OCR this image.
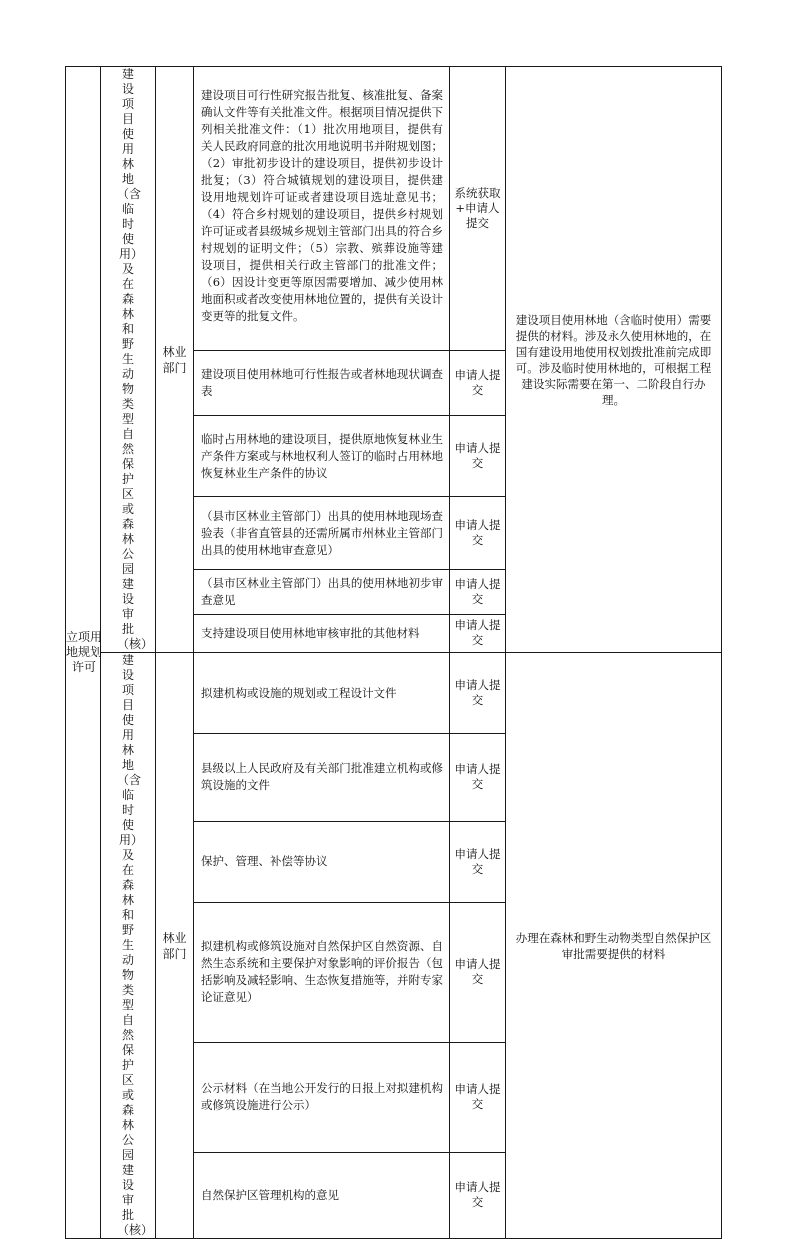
立项用地规划许可	建设项目使用林地（含临时使用）及在森林和野生动物类型自然保护区或森林公园建设审批（核）	林业部门	建设项目可行性研究报告批复、核准批复、备案确认文件等有关批准文件。根据项目情况提供下列相关批准文件：（1）批次用地项目，提供有关人民政府同意的批次用地说明书并附规划图；（2）审批初步设计的建设项目，提供初步设计批复；（3）符合城镇规划的建设项目，提供建设用地规划许可证或者建设项目选址意见书；（4）符合乡村规划的建设项目，提供乡村规划许可证或者县级城乡规划主管部门出具的符合乡村规划的证明文件；（5）宗教、殡葬设施等建设项目，提供相关行政主管部门的批准文件；（6）因设计变更等原因需要增加、减少使用林地面积或者改变使用林地位置的，提供有关设计变更等的批复文件。	系统获取+申请人提交	建设项目使用林地（含临时使用）需要提供的材料。涉及永久使用林地的，在国有建设用地使用权划拨批准前完成即可。涉及临时使用林地的，可根据工程建设实际需要在第一、二阶段自行办理。

			建设项目使用林地可行性报告或者林地现状调查表	申请人提交	

			临时占用林地的建设项目，提供原地恢复林业生产条件方案或与林地权利人签订的临时占用林地恢复林业生产条件的协议	申请人提交	

			（县市区林业主管部门）出具的使用林地现场查验表（非省直管县的还需所属市州林业主管部门出具的使用林地审查意见）	申请人提交	

			（县市区林业主管部门）出具的使用林地初步审查意见	申请人提交	

			支持建设项目使用林地审核审批的其他材料	申请人提交	

	建设项目使用林地（含临时使用）及在森林和野生动物类型自然保护区或森林公园建设审批（核）	林业部门	拟建机构或设施的规划或工程设计文件	申请人提交	办理在森林和野生动物类型自然保护区审批需要提供的材料

			县级以上人民政府及有关部门批准建立机构或修筑设施的文件	申请人提交	

			保护、管理、补偿等协议	申请人提交	

			拟建机构或修筑设施对自然保护区自然资源、自然生态系统和主要保护对象影响的评价报告（包括影响及减轻影响、生态恢复措施等，并附专家论证意见）	申请人提交	

			公示材料（在当地公开发行的日报上对拟建机构或修筑设施进行公示）	申请人提交	

			自然保护区管理机构的意见	申请人提交	
